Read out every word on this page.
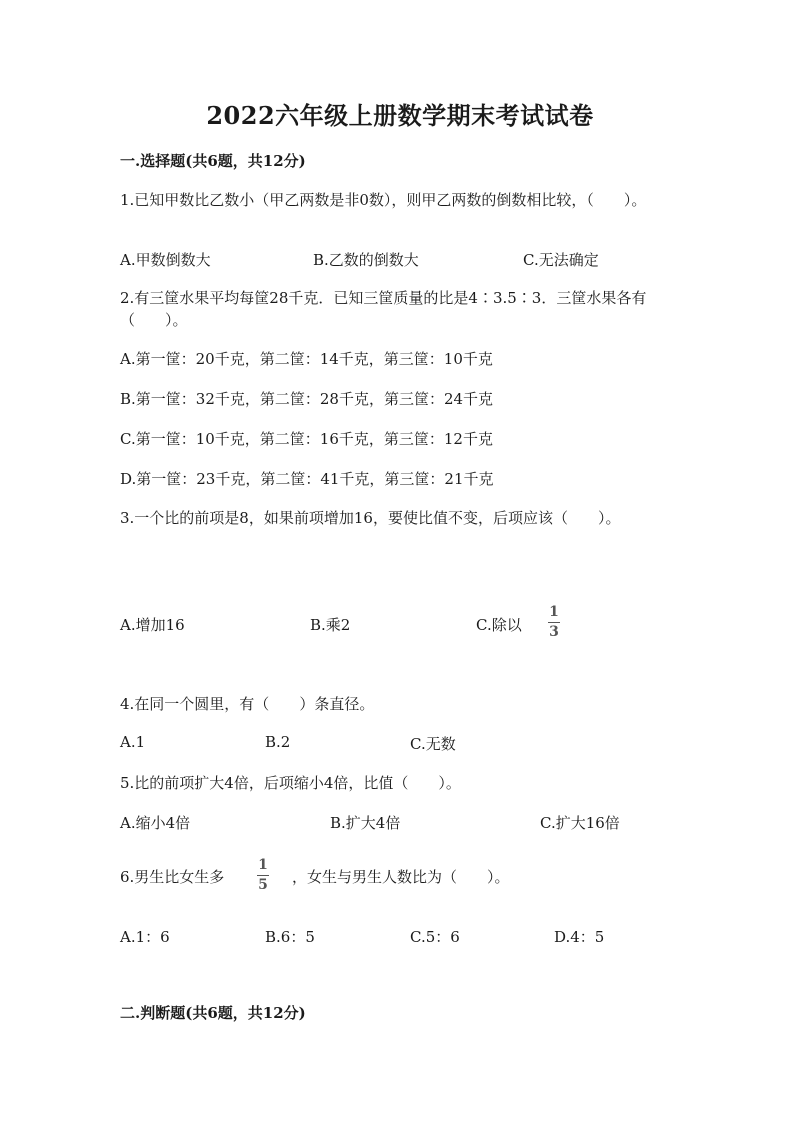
2022六年级上册数学期末考试试卷
一.选择题(共6题，共12分)
1.已知甲数比乙数小（甲乙两数是非0数），则甲乙两数的倒数相比较，（　　）。
A.甲数倒数大	B.乙数的倒数大	C.无法确定
2.有三筐水果平均每筐28千克．已知三筐质量的比是4∶3.5∶3．三筐水果各有（　　）。
A.第一筐：20千克，第二筐：14千克，第三筐：10千克
B.第一筐：32千克，第二筐：28千克，第三筐：24千克
C.第一筐：10千克，第二筐：16千克，第三筐：12千克
D.第一筐：23千克，第二筐：41千克，第三筐：21千克
3.一个比的前项是8，如果前项增加16，要使比值不变，后项应该（　　）。
A.增加16	B.乘2	C.除以
1
3
4.在同一个圆里，有（　　）条直径。
A.1	B.2	C.无数
5.比的前项扩大4倍，后项缩小4倍，比值（　　）。
A.缩小4倍	B.扩大4倍	C.扩大16倍
6.男生比女生多
1
5 ，女生与男生人数比为（　　）。
A.1：6	B.6：5	C.5：6	D.4：5
二.判断题(共6题，共12分)
